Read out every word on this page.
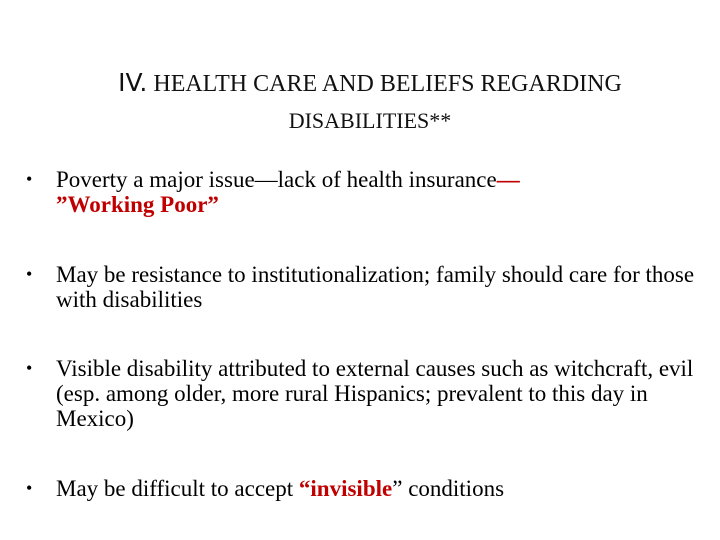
IV. HEALTH CARE AND BELIEFS REGARDING
DISABILITIES**
•	Poverty a major issue—lack of health insurance—
”Working Poor”
•	May be resistance to institutionalization; family should care for those with disabilities
•	Visible disability attributed to external causes such as witchcraft, evil (esp. among older, more rural Hispanics; prevalent to this day in Mexico)
•	May be difficult to accept “invisible” conditions
